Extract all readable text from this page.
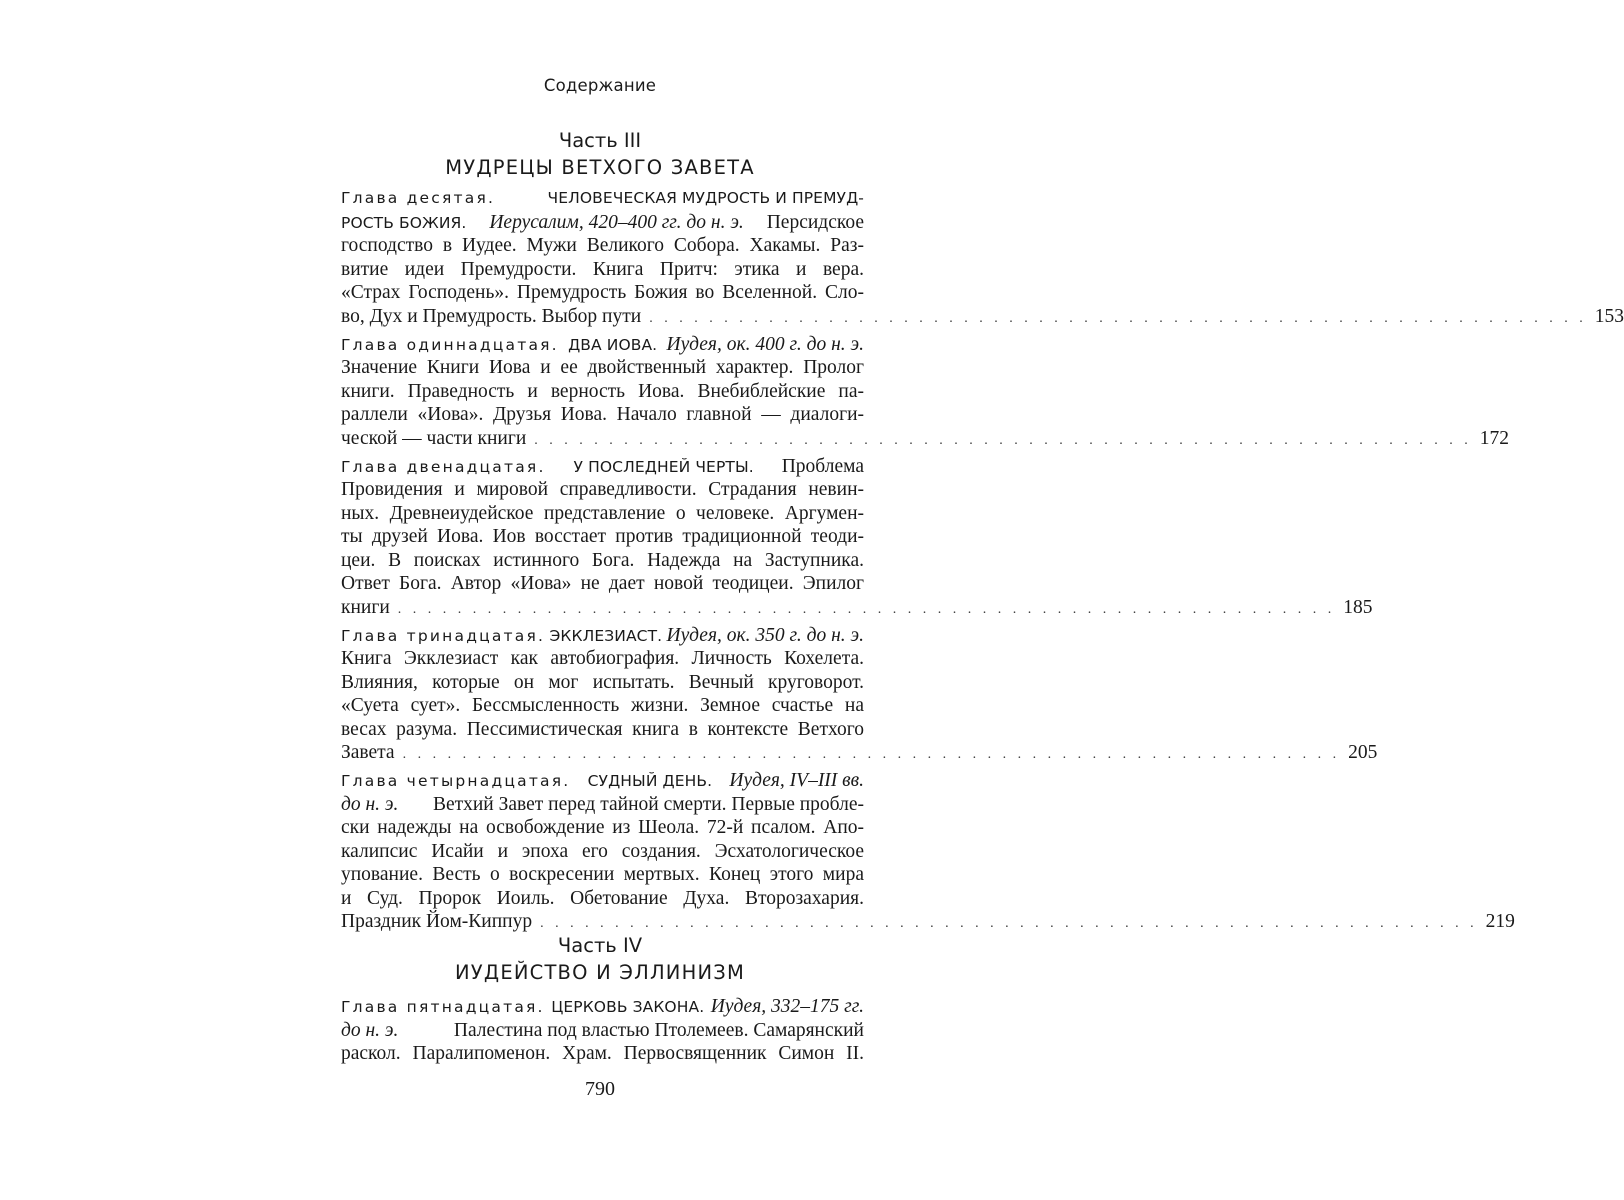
Содержание
Часть III
МУДРЕЦЫ ВЕТХОГО ЗАВЕТА
Глава десятая.	ЧЕЛОВЕЧЕСКАЯ МУДРОСТЬ И ПРЕМУД-
РОСТЬ БОЖИЯ. Иерусалим, 420–400 гг. до н. э. Персидское
господство в Иудее. Мужи Великого Собора. Хакамы. Раз-
витие идеи Премудрости. Книга Притч: этика и вера.
«Страх Господень». Премудрость Божия во Вселенной. Сло-
во, Дух и Премудрость. Выбор пути . . . . . . . . . . . . . . . . . . . . . . . . . . . . . . . . . . . . . . . . . . . . . . . . . . . . . . . . . . . . . . . 153
Глава одиннадцатая. ДВА ИОВА. Иудея, ок. 400 г. до н. э.
Значение Книги Иова и ее двойственный характер. Пролог
книги. Праведность и верность Иова. Внебиблейские па-
раллели «Иова». Друзья Иова. Начало главной — диалоги-
ческой — части книги . . . . . . . . . . . . . . . . . . . . . . . . . . . . . . . . . . . . . . . . . . . . . . . . . . . . . . . . . . . . . . . 172
Глава двенадцатая. У ПОСЛЕДНЕЙ ЧЕРТЫ. Проблема
Провидения и мировой справедливости. Страдания невин-
ных. Древнеиудейское представление о человеке. Аргумен-
ты друзей Иова. Иов восстает против традиционной теоди-
цеи. В поисках истинного Бога. Надежда на Заступника.
Ответ Бога. Автор «Иова» не дает новой теодицеи. Эпилог
книги . . . . . . . . . . . . . . . . . . . . . . . . . . . . . . . . . . . . . . . . . . . . . . . . . . . . . . . . . . . . . . . 185
Глава тринадцатая. ЭККЛЕЗИАСТ. Иудея, ок. 350 г. до н. э.
Книга Экклезиаст как автобиография. Личность Кохелета.
Влияния, которые он мог испытать. Вечный круговорот.
«Суета сует». Бессмысленность жизни. Земное счастье на
весах разума. Пессимистическая книга в контексте Ветхого
Завета . . . . . . . . . . . . . . . . . . . . . . . . . . . . . . . . . . . . . . . . . . . . . . . . . . . . . . . . . . . . . . . 205
Глава четырнадцатая. СУДНЫЙ ДЕНЬ. Иудея, IV–III вв.
до н. э. Ветхий Завет перед тайной смерти. Первые пробле-
ски надежды на освобождение из Шеола. 72-й псалом. Апо-
калипсис Исайи и эпоха его создания. Эсхатологическое
упование. Весть о воскресении мертвых. Конец этого мира
и Суд. Пророк Иоиль. Обетование Духа. Второзахария.
Праздник Йом-Киппур . . . . . . . . . . . . . . . . . . . . . . . . . . . . . . . . . . . . . . . . . . . . . . . . . . . . . . . . . . . . . . . 219
Часть IV
ИУДЕЙСТВО И ЭЛЛИНИЗМ
Глава пятнадцатая. ЦЕРКОВЬ ЗАКОНА. Иудея, 332–175 гг.
до н. э.	Палестина под властью Птолемеев. Самарянский
раскол. Паралипоменон. Храм. Первосвященник Симон II.
790
